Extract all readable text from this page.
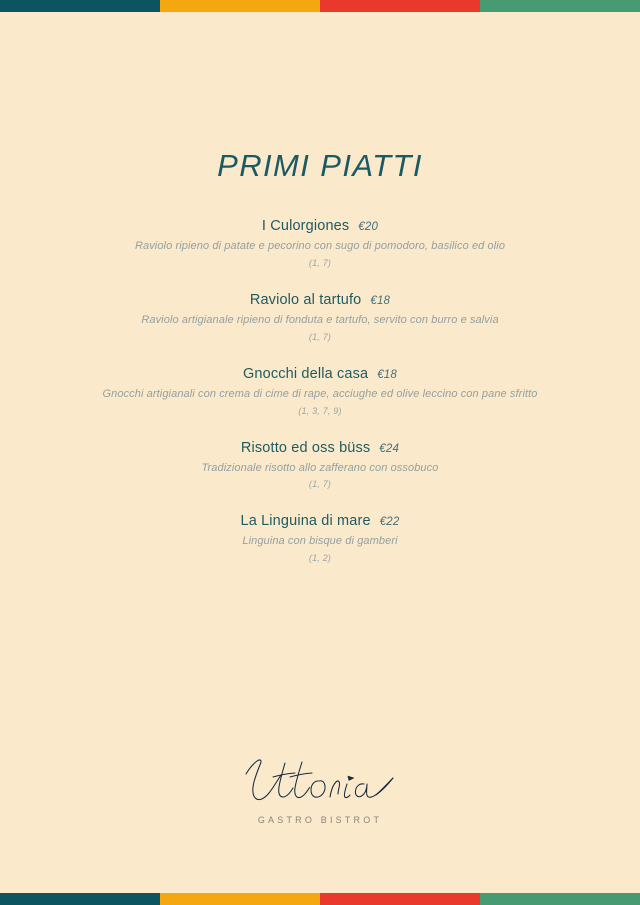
PRIMI PIATTI
I Culorgiones €20
Raviolo ripieno di patate e pecorino con sugo di pomodoro, basilico ed olio
(1, 7)
Raviolo al tartufo €18
Raviolo artigianale ripieno di fonduta e tartufo, servito con burro e salvia
(1, 7)
Gnocchi della casa €18
Gnocchi artigianali con crema di cime di rape, acciughe ed olive leccino con pane sfritto
(1, 3, 7, 9)
Risotto ed oss büss €24
Tradizionale risotto allo zafferano con ossobuco
(1, 7)
La Linguina di mare €22
Linguina con bisque di gamberi
(1, 2)
GASTRO BISTROT
